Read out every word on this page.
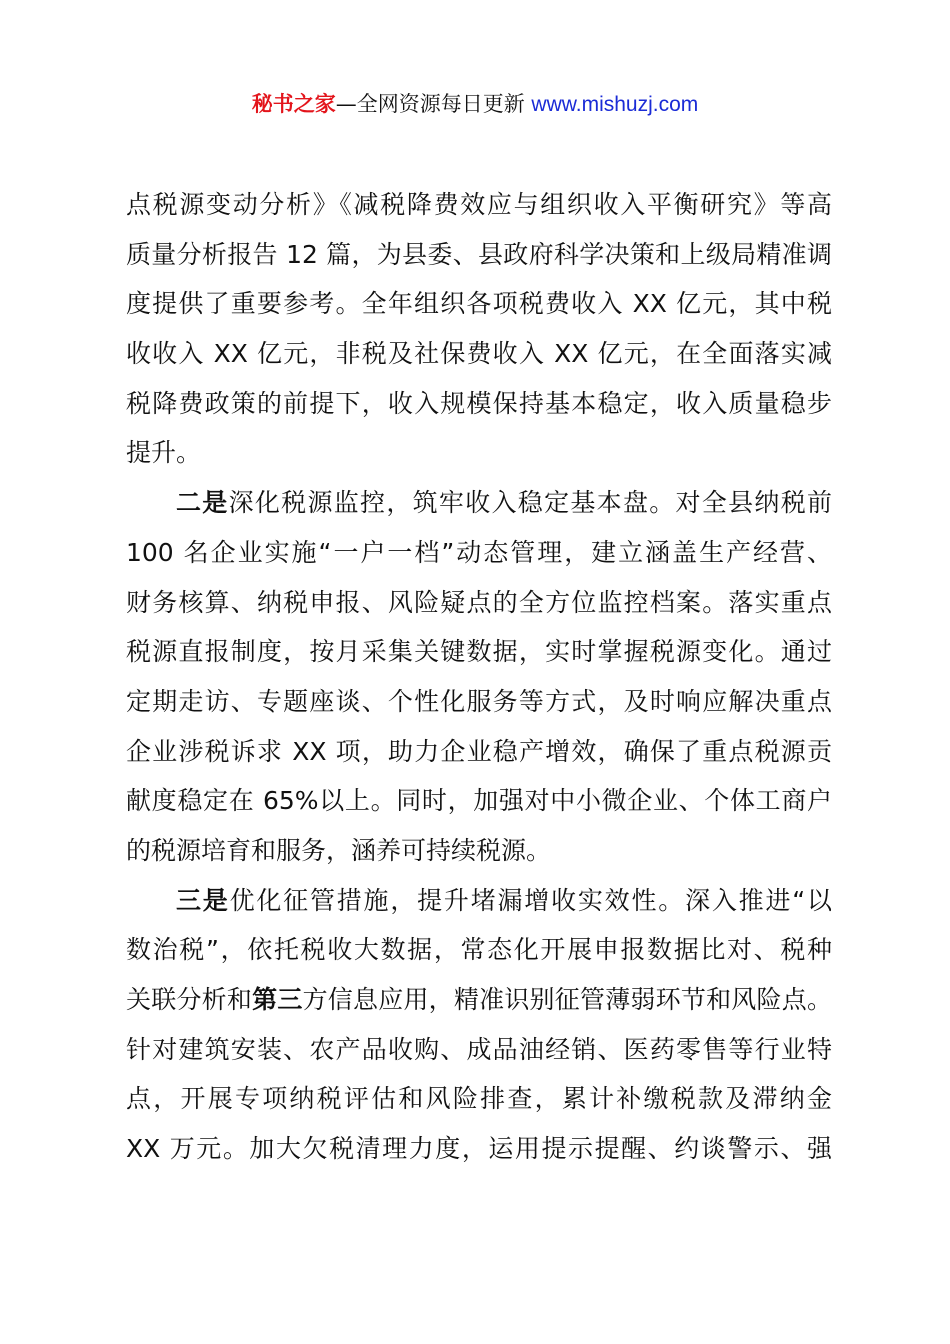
秘书之家—全网资源每日更新 www.mishuzj.com
点税源变动分析》《减税降费效应与组织收入平衡研究》等高
质量分析报告 12 篇，为县委、县政府科学决策和上级局精准调
度提供了重要参考。全年组织各项税费收入 XX 亿元，其中税
收收入 XX 亿元，非税及社保费收入 XX 亿元，在全面落实减
税降费政策的前提下，收入规模保持基本稳定，收入质量稳步
提升。
二是深化税源监控，筑牢收入稳定基本盘。对全县纳税前
100 名企业实施“一户一档”动态管理，建立涵盖生产经营、
财务核算、纳税申报、风险疑点的全方位监控档案。落实重点
税源直报制度，按月采集关键数据，实时掌握税源变化。通过
定期走访、专题座谈、个性化服务等方式，及时响应解决重点
企业涉税诉求 XX 项，助力企业稳产增效，确保了重点税源贡
献度稳定在 65%以上。同时，加强对中小微企业、个体工商户
的税源培育和服务，涵养可持续税源。
三是优化征管措施，提升堵漏增收实效性。深入推进“以
数治税”，依托税收大数据，常态化开展申报数据比对、税种
关联分析和第三方信息应用，精准识别征管薄弱环节和风险点。
针对建筑安装、农产品收购、成品油经销、医药零售等行业特
点，开展专项纳税评估和风险排查，累计补缴税款及滞纳金
XX 万元。加大欠税清理力度，运用提示提醒、约谈警示、强
